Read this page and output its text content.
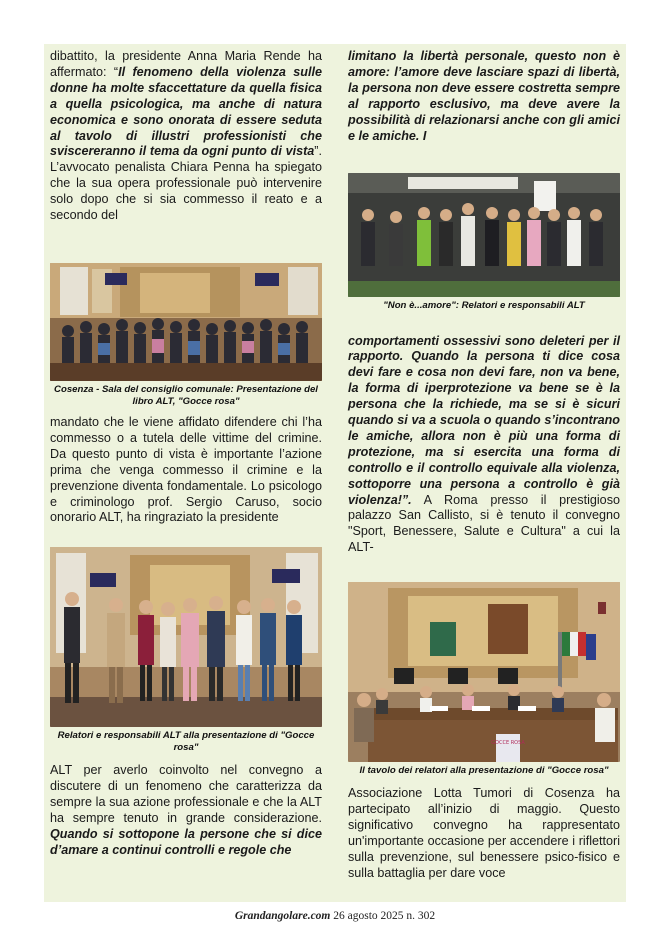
dibattito, la presidente Anna Maria Rende ha affermato: “Il fenomeno della violenza sulle donne ha molte sfaccettature da quella fisica a quella psicologica, ma anche di natura economica e sono onorata di essere seduta al tavolo di illustri professionisti che sviscereranno il tema da ogni punto di vista”. L’avvocato penalista Chiara Penna ha spiegato che la sua opera professionale può intervenire solo dopo che si sia commesso il reato e a secondo del

Cosenza - Sala del consiglio comunale: Presentazione del libro ALT, "Gocce rosa"

mandato che le viene affidato difendere chi l’ha commesso o a tutela delle vittime del crimine. Da questo punto di vista è importante l’azione prima che venga commesso il crimine e la prevenzione diventa fondamentale. Lo psicologo e criminologo prof. Sergio Caruso, socio onorario ALT, ha ringraziato la presidente

Relatori e responsabili ALT alla presentazione di "Gocce rosa"

ALT per averlo coinvolto nel convegno a discutere di un fenomeno che caratterizza da sempre la sua azione professionale e che la ALT ha sempre tenuto in grande considerazione. Quando si sottopone la persone che si dice d’amare a continui controlli e regole che

limitano la libertà personale, questo non è amore: l’amore deve lasciare spazi di libertà, la persona non deve essere costretta sempre al rapporto esclusivo, ma deve avere la possibilità di relazionarsi anche con gli amici e le amiche. I

"Non è...amore": Relatori e responsabili ALT

comportamenti ossessivi sono deleteri per il rapporto. Quando la persona ti dice cosa devi fare e cosa non devi fare, non va bene, la forma di iperprotezione va bene se è la persona che la richiede, ma se si è sicuri quando si va a scuola o quando s’incontrano le amiche, allora non è più una forma di protezione, ma si esercita una forma di controllo e il controllo equivale alla violenza, sottoporre una persona a controllo è già violenza!”. A Roma presso il prestigioso palazzo San Callisto, si è tenuto il convegno "Sport, Benessere, Salute e Cultura" a cui la ALT-

GOCCE ROSA

Il tavolo dei relatori alla presentazione di "Gocce rosa"

Associazione Lotta Tumori di Cosenza ha partecipato all’inizio di maggio. Questo significativo convegno ha rappresentato un'importante occasione per accendere i riflettori sulla prevenzione, sul benessere psico-fisico e sulla battaglia per dare voce

Grandangolare.com 26 agosto 2025 n. 302
